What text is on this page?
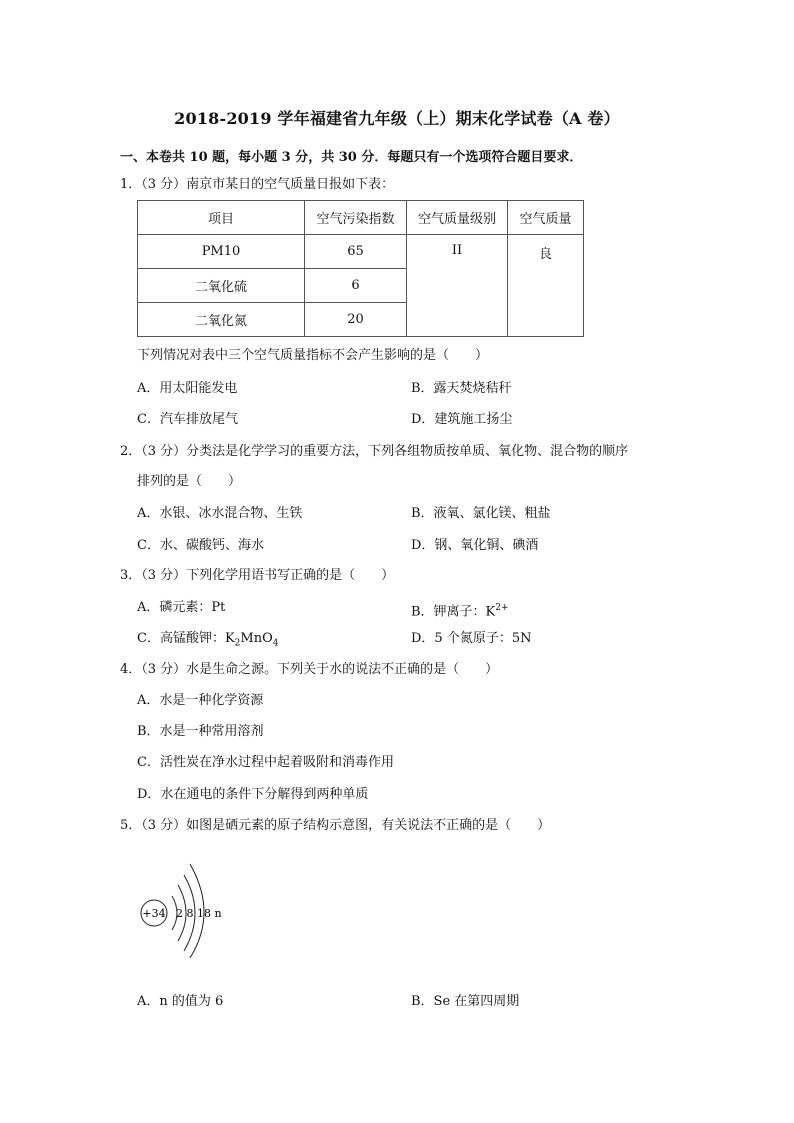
2018-2019 学年福建省九年级（上）期末化学试卷（A 卷）
一、本卷共 10 题，每小题 3 分，共 30 分．每题只有一个选项符合题目要求．
1．（3 分）南京市某日的空气质量日报如下表：
项目	空气污染指数	空气质量级别	空气质量
PM10	65	II	良
二氧化硫	6		
二氧化氮	20		
下列情况对表中三个空气质量指标不会产生影响的是（　　）
A．用太阳能发电	B．露天焚烧秸秆
C．汽车排放尾气	D．建筑施工扬尘
2．（3 分）分类法是化学学习的重要方法，下列各组物质按单质、氧化物、混合物的顺序
排列的是（　　）
A．水银、冰水混合物、生铁	B．液氧、氯化镁、粗盐
C．水、碳酸钙、海水	D．钢、氧化铜、碘酒
3．（3 分）下列化学用语书写正确的是（　　）
A．磷元素：Pt	B．钾离子：$K^{2+}$
C．高锰酸钾：$K_2MnO_4$	D．5 个氮原子：5N
4．（3 分）水是生命之源。下列关于水的说法不正确的是（　　）
A．水是一种化学资源
B．水是一种常用溶剂
C．活性炭在净水过程中起着吸附和消毒作用
D．水在通电的条件下分解得到两种单质
5．（3 分）如图是硒元素的原子结构示意图，有关说法不正确的是（　　）
+34 2 8 18 n
A．n 的值为 6	B．Se 在第四周期
